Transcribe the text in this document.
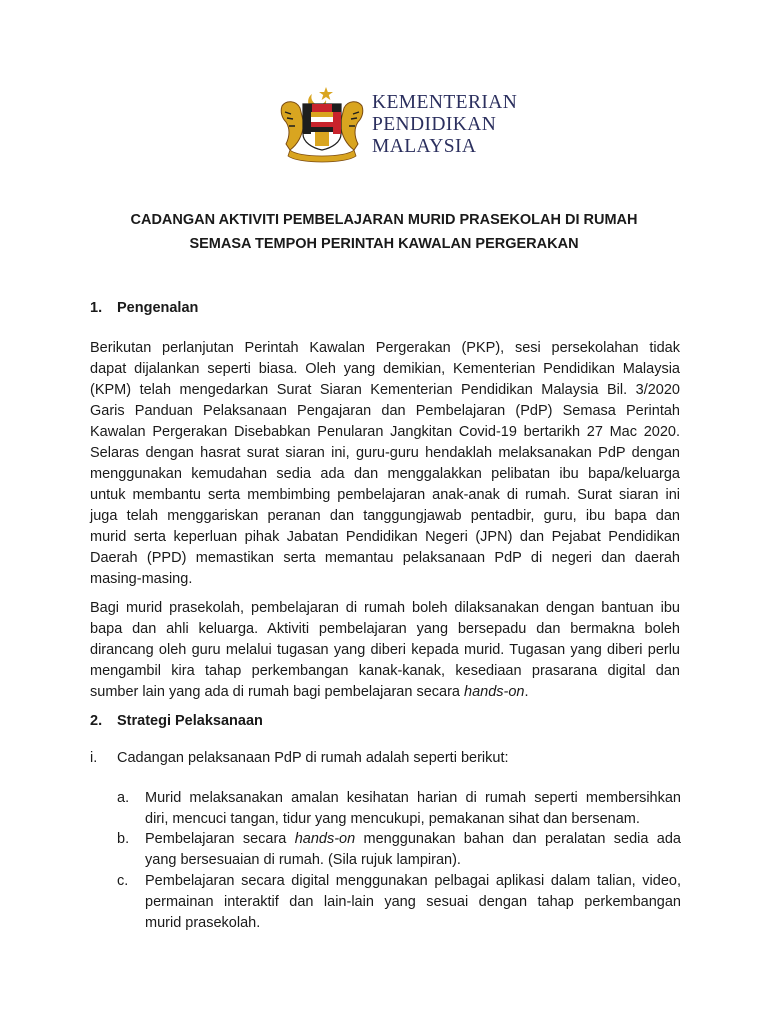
KEMENTERIAN
PENDIDIKAN
MALAYSIA
CADANGAN AKTIVITI PEMBELAJARAN MURID PRASEKOLAH DI RUMAH
SEMASA TEMPOH PERINTAH KAWALAN PERGERAKAN
1. Pengenalan
Berikutan perlanjutan Perintah Kawalan Pergerakan (PKP), sesi persekolahan tidak
dapat dijalankan seperti biasa. Oleh yang demikian, Kementerian Pendidikan Malaysia
(KPM) telah mengedarkan Surat Siaran Kementerian Pendidikan Malaysia Bil. 3/2020
Garis Panduan Pelaksanaan Pengajaran dan Pembelajaran (PdP) Semasa Perintah
Kawalan Pergerakan Disebabkan Penularan Jangkitan Covid-19 bertarikh 27 Mac 2020.
Selaras dengan hasrat surat siaran ini, guru-guru hendaklah melaksanakan PdP dengan
menggunakan kemudahan sedia ada dan menggalakkan pelibatan ibu bapa/keluarga
untuk membantu serta membimbing pembelajaran anak-anak di rumah. Surat siaran ini
juga telah menggariskan peranan dan tanggungjawab pentadbir, guru, ibu bapa dan
murid serta keperluan pihak Jabatan Pendidikan Negeri (JPN) dan Pejabat Pendidikan
Daerah (PPD) memastikan serta memantau pelaksanaan PdP di negeri dan daerah
masing-masing.
Bagi murid prasekolah, pembelajaran di rumah boleh dilaksanakan dengan bantuan ibu
bapa dan ahli keluarga. Aktiviti pembelajaran yang bersepadu dan bermakna boleh
dirancang oleh guru melalui tugasan yang diberi kepada murid. Tugasan yang diberi perlu
mengambil kira tahap perkembangan kanak-kanak, kesediaan prasarana digital dan
sumber lain yang ada di rumah bagi pembelajaran secara hands-on.
2. Strategi Pelaksanaan
i. Cadangan pelaksanaan PdP di rumah adalah seperti berikut:
a. Murid melaksanakan amalan kesihatan harian di rumah seperti membersihkan
diri, mencuci tangan, tidur yang mencukupi, pemakanan sihat dan bersenam.
b. Pembelajaran secara hands-on menggunakan bahan dan peralatan sedia ada
yang bersesuaian di rumah. (Sila rujuk lampiran).
c. Pembelajaran secara digital menggunakan pelbagai aplikasi dalam talian, video,
permainan interaktif dan lain-lain yang sesuai dengan tahap perkembangan
murid prasekolah.
